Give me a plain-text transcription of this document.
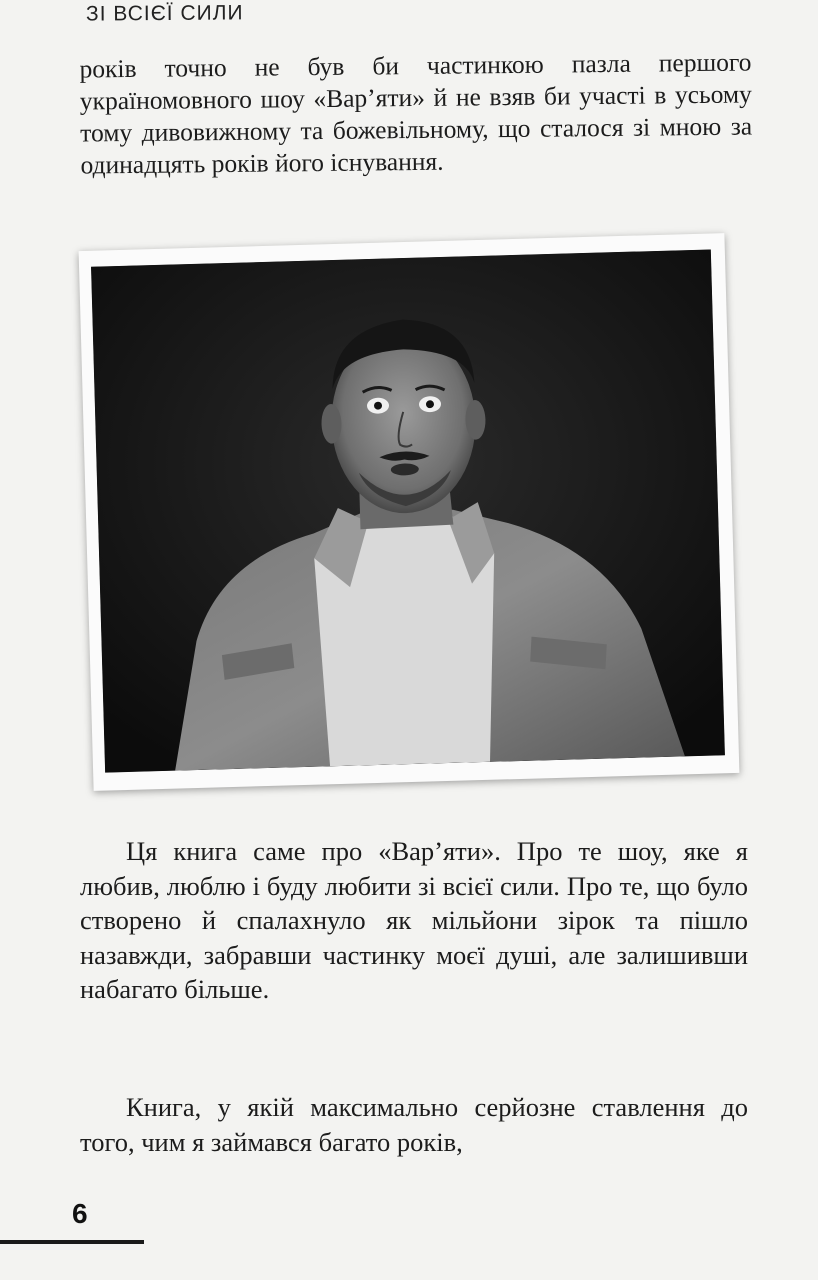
ЗІ ВСІЄЇ СИЛИ

років точно не був би частинкою пазла першого україномовного шоу «Вар’яти» й не взяв би участі в усьому тому дивовижному та божевільному, що сталося зі мною за одинадцять років його існування.

Ця книга саме про «Вар’яти». Про те шоу, яке я любив, люблю і буду любити зі всієї сили. Про те, що було створено й спалахнуло як мільйони зірок та пішло назавжди, забравши частинку моєї душі, але залишивши набагато більше.

Книга, у якій максимально серйозне ставлення до того, чим я займався багато років,

6
